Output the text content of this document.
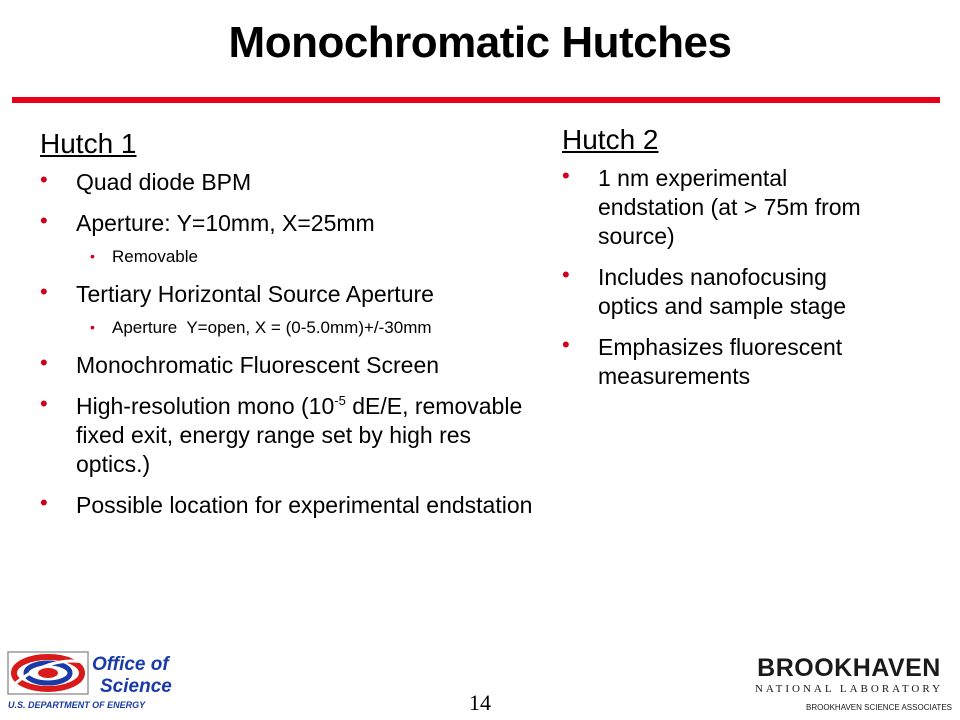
Monochromatic Hutches
Hutch 1
• Quad diode BPM
• Aperture: Y=10mm, X=25mm
• Removable
• Tertiary Horizontal Source Aperture
• Aperture  Y=open, X = (0-5.0mm)+/-30mm
• Monochromatic Fluorescent Screen
• High-resolution mono ($10^{-5}$ dE/E, removable fixed exit, energy range set by high res optics.)
• Possible location for experimental endstation
Hutch 2
• 1 nm experimental endstation (at > 75m from source)
• Includes nanofocusing optics and sample stage
• Emphasizes fluorescent measurements
Office of
Science
U.S. DEPARTMENT OF ENERGY	14
BROOKHAVEN
NATIONAL LABORATORY
BROOKHAVEN SCIENCE ASSOCIATES
